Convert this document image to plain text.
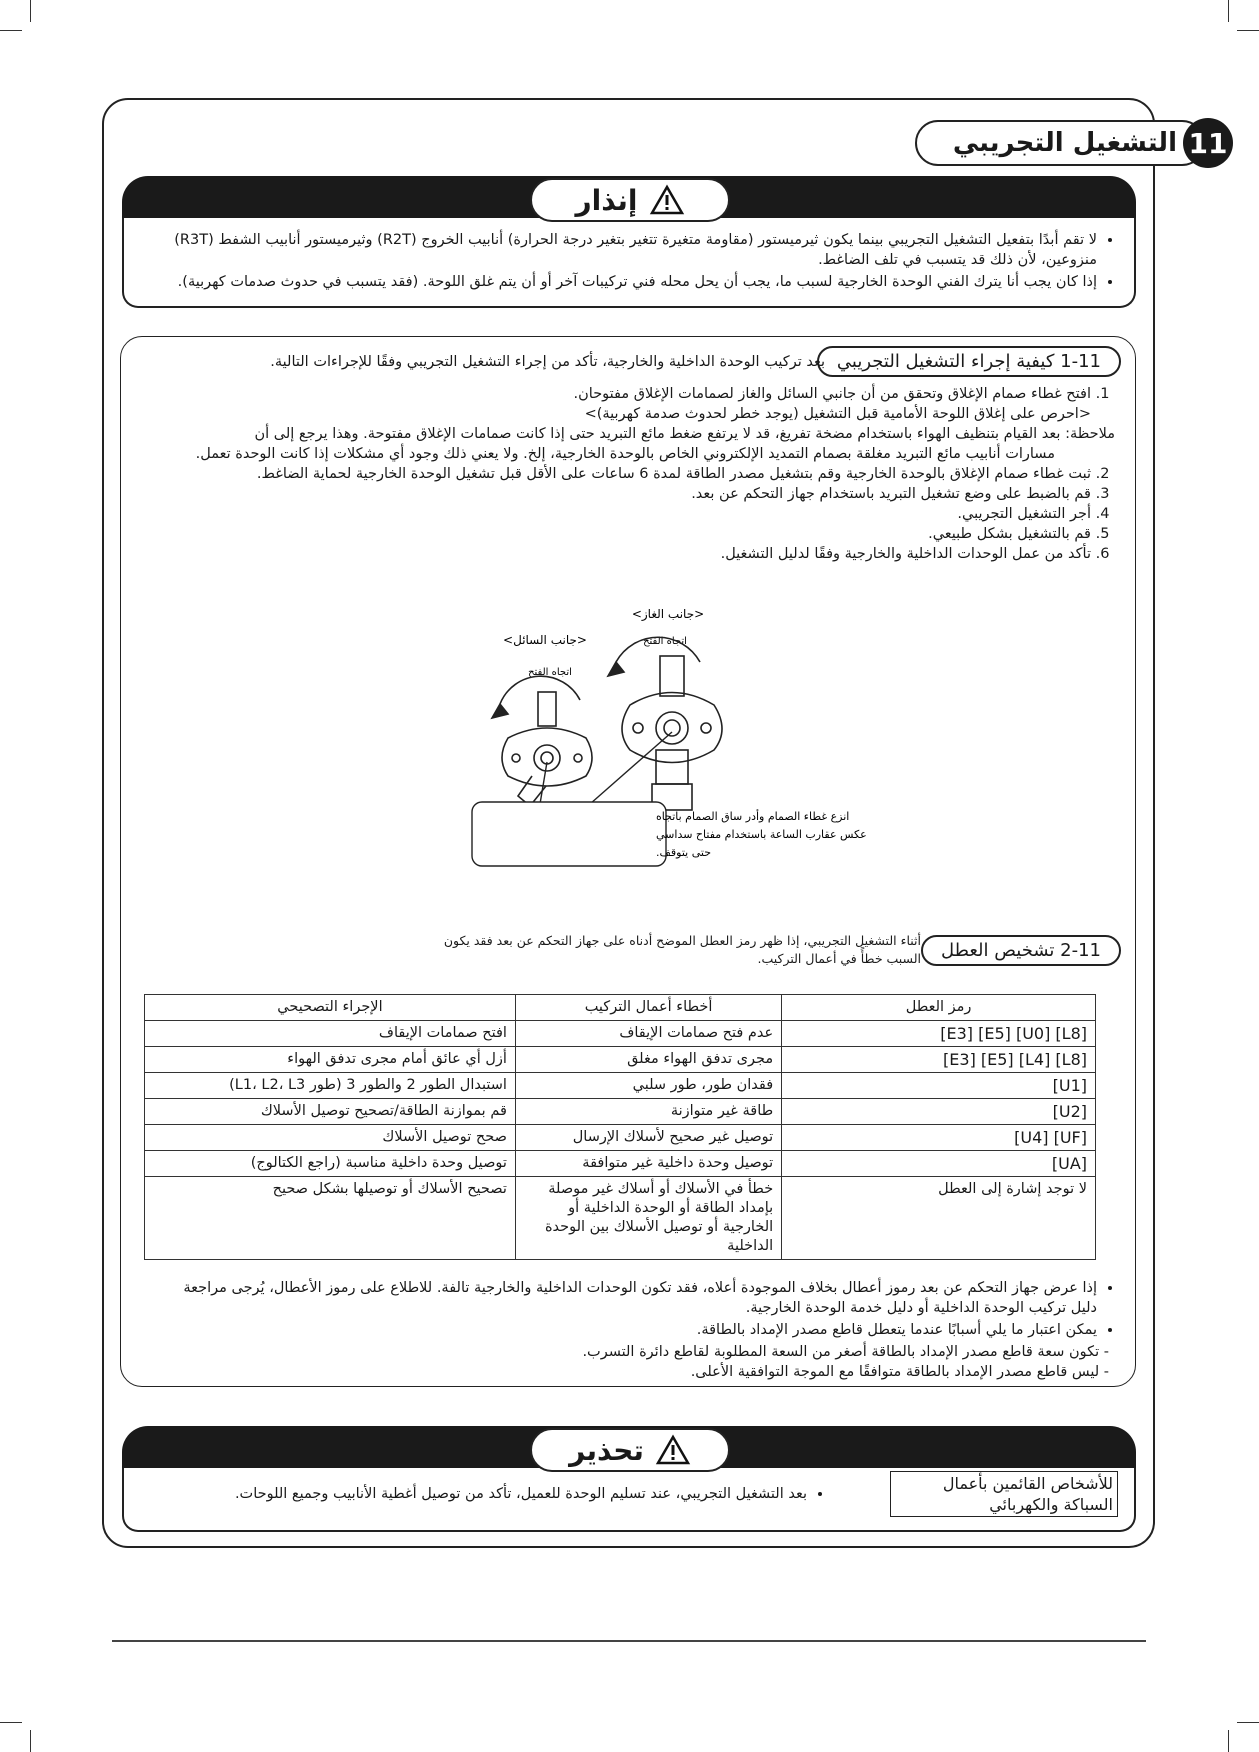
11
التشغيل التجريبي
إنذار
• لا تقم أبدًا بتفعيل التشغيل التجريبي بينما يكون ثيرميستور (مقاومة متغيرة تتغير بتغير درجة الحرارة) أنابيب الخروج (R2T) وثيرميستور أنابيب الشفط (R3T) منزوعين، لأن ذلك قد يتسبب في تلف الضاغط.
• إذا كان يجب أنا يترك الفني الوحدة الخارجية لسبب ما، يجب أن يحل محله فني تركيبات آخر أو أن يتم غلق اللوحة. (فقد يتسبب في حدوث صدمات كهربية).
1-11 كيفية إجراء التشغيل التجريبي
بعد تركيب الوحدة الداخلية والخارجية، تأكد من إجراء التشغيل التجريبي وفقًا للإجراءات التالية.
1. افتح غطاء صمام الإغلاق وتحقق من أن جانبي السائل والغاز لصمامات الإغلاق مفتوحان.
<احرص على إغلاق اللوحة الأمامية قبل التشغيل (يوجد خطر لحدوث صدمة كهربية)>
ملاحظة: بعد القيام بتنظيف الهواء باستخدام مضخة تفريغ، قد لا يرتفع ضغط مائع التبريد حتى إذا كانت صمامات الإغلاق مفتوحة. وهذا يرجع إلى أن
مسارات أنابيب مائع التبريد مغلقة بصمام التمديد الإلكتروني الخاص بالوحدة الخارجية، إلخ. ولا يعني ذلك وجود أي مشكلات إذا كانت الوحدة تعمل.
2. ثبت غطاء صمام الإغلاق بالوحدة الخارجية وقم بتشغيل مصدر الطاقة لمدة 6 ساعات على الأقل قبل تشغيل الوحدة الخارجية لحماية الضاغط.
3. قم بالضبط على وضع تشغيل التبريد باستخدام جهاز التحكم عن بعد.
4. أجر التشغيل التجريبي.
5. قم بالتشغيل بشكل طبيعي.
6. تأكد من عمل الوحدات الداخلية والخارجية وفقًا لدليل التشغيل.
<جانب الغاز>
<جانب السائل>	اتجاه الفتح
اتجاه الفتح
انزع غطاء الصمام وأدر ساق الصمام باتجاه
عكس عقارب الساعة باستخدام مفتاح سداسي
حتى يتوقف.
2-11 تشخيص العطل
أثناء التشغيل التجريبي، إذا ظهر رمز العطل الموضح أدناه على جهاز التحكم عن بعد فقد يكون
السبب خطأً في أعمال التركيب.
رمز العطل	أخطاء أعمال التركيب	الإجراء التصحيحي
[E3] [E5] [U0] [L8]	عدم فتح صمامات الإيقاف	افتح صمامات الإيقاف
[E3] [E5] [L4] [L8]	مجرى تدفق الهواء مغلق	أزل أي عائق أمام مجرى تدفق الهواء
[U1]	فقدان طور، طور سلبي	استبدال الطور 2 والطور 3 (طور L1، L2، L3)
[U2]	طاقة غير متوازنة	قم بموازنة الطاقة/تصحيح توصيل الأسلاك
[U4] [UF]	توصيل غير صحيح لأسلاك الإرسال	صحح توصيل الأسلاك
[UA]	توصيل وحدة داخلية غير متوافقة	توصيل وحدة داخلية مناسبة (راجع الكتالوج)
لا توجد إشارة إلى العطل	خطأ في الأسلاك أو أسلاك غير موصلة بإمداد الطاقة أو الوحدة الداخلية أو الخارجية أو توصيل الأسلاك بين الوحدة الداخلية	تصحيح الأسلاك أو توصيلها بشكل صحيح
• إذا عرض جهاز التحكم عن بعد رموز أعطال بخلاف الموجودة أعلاه، فقد تكون الوحدات الداخلية والخارجية تالفة. للاطلاع على رموز الأعطال، يُرجى مراجعة دليل تركيب الوحدة الداخلية أو دليل خدمة الوحدة الخارجية.
• يمكن اعتبار ما يلي أسبابًا عندما يتعطل قاطع مصدر الإمداد بالطاقة.
- تكون سعة قاطع مصدر الإمداد بالطاقة أصغر من السعة المطلوبة لقاطع دائرة التسرب.
- ليس قاطع مصدر الإمداد بالطاقة متوافقًا مع الموجة التوافقية الأعلى.
تحذير
للأشخاص القائمين بأعمال السباكة والكهربائي
• بعد التشغيل التجريبي، عند تسليم الوحدة للعميل، تأكد من توصيل أغطية الأنابيب وجميع اللوحات.
